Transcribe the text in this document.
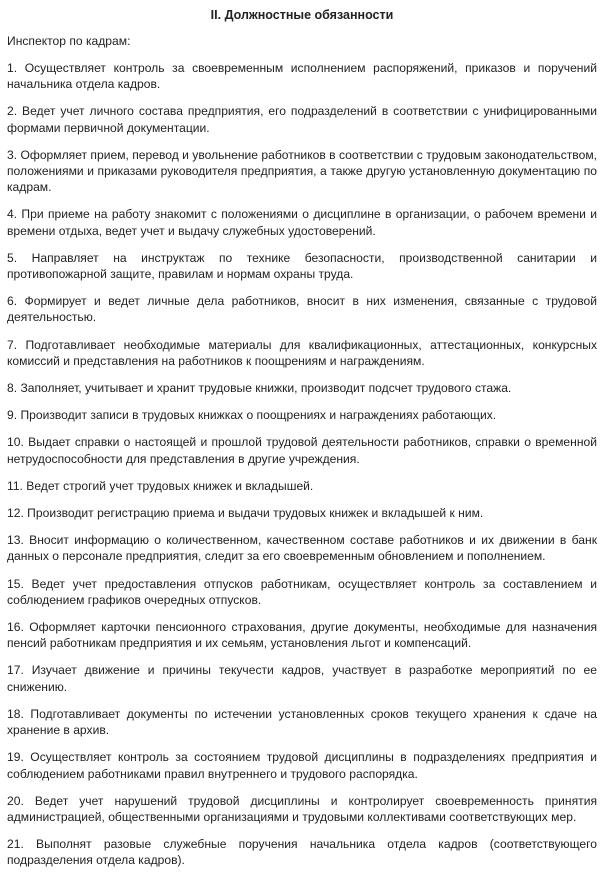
II. Должностные обязанности
Инспектор по кадрам:
1. Осуществляет контроль за своевременным исполнением распоряжений, приказов и поручений начальника отдела кадров.
2. Ведет учет личного состава предприятия, его подразделений в соответствии с унифицированными формами первичной документации.
3. Оформляет прием, перевод и увольнение работников в соответствии с трудовым законодательством, положениями и приказами руководителя предприятия, а также другую установленную документацию по кадрам.
4. При приеме на работу знакомит с положениями о дисциплине в организации, о рабочем времени и времени отдыха, ведет учет и выдачу служебных удостоверений.
5. Направляет на инструктаж по технике безопасности, производственной санитарии и противопожарной защите, правилам и нормам охраны труда.
6. Формирует и ведет личные дела работников, вносит в них изменения, связанные с трудовой деятельностью.
7. Подготавливает необходимые материалы для квалификационных, аттестационных, конкурсных комиссий и представления на работников к поощрениям и награждениям.
8. Заполняет, учитывает и хранит трудовые книжки, производит подсчет трудового стажа.
9. Производит записи в трудовых книжках о поощрениях и награждениях работающих.
10. Выдает справки о настоящей и прошлой трудовой деятельности работников, справки о временной нетрудоспособности для представления в другие учреждения.
11. Ведет строгий учет трудовых книжек и вкладышей.
12. Производит регистрацию приема и выдачи трудовых книжек и вкладышей к ним.
13. Вносит информацию о количественном, качественном составе работников и их движении в банк данных о персонале предприятия, следит за его своевременным обновлением и пополнением.
15. Ведет учет предоставления отпусков работникам, осуществляет контроль за составлением и соблюдением графиков очередных отпусков.
16. Оформляет карточки пенсионного страхования, другие документы, необходимые для назначения пенсий работникам предприятия и их семьям, установления льгот и компенсаций.
17. Изучает движение и причины текучести кадров, участвует в разработке мероприятий по ее снижению.
18. Подготавливает документы по истечении установленных сроков текущего хранения к сдаче на хранение в архив.
19. Осуществляет контроль за состоянием трудовой дисциплины в подразделениях предприятия и соблюдением работниками правил внутреннего и трудового распорядка.
20. Ведет учет нарушений трудовой дисциплины и контролирует своевременность принятия администрацией, общественными организациями и трудовыми коллективами соответствующих мер.
21. Выполнят разовые служебные поручения начальника отдела кадров (соответствующего подразделения отдела кадров).
